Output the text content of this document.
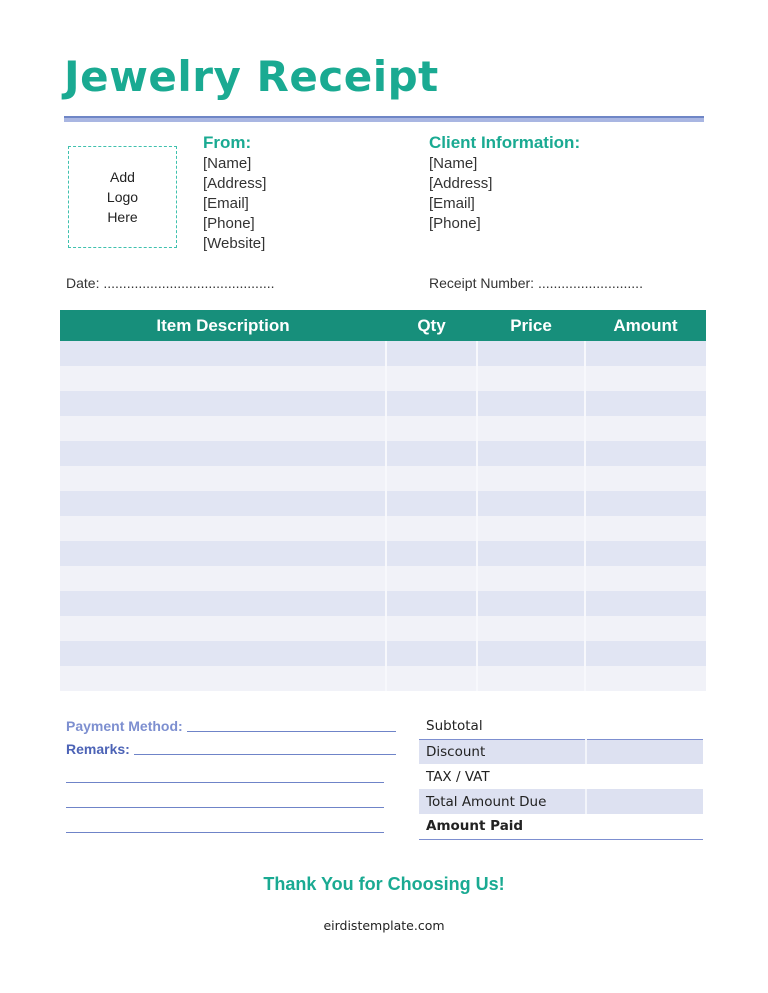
Jewelry Receipt
Add
Logo
Here
From:
[Name]
[Address]
[Email]
[Phone]
[Website]
Client Information:
[Name]
[Address]
[Email]
[Phone]
Date: ............................................	Receipt Number: ...........................
Item Description	Qty	Price	Amount

Payment Method:
Remarks:
Subtotal	
Discount	
TAX / VAT	
Total Amount Due	
Amount Paid	
Thank You for Choosing Us!
eirdistemplate.com
